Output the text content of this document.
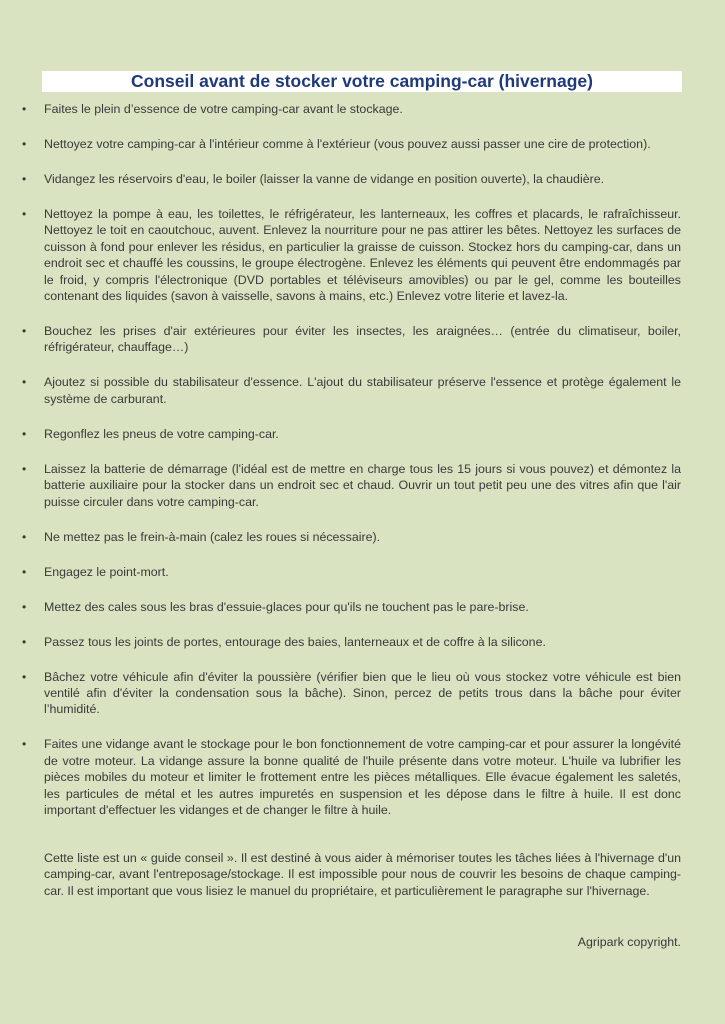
Conseil avant de stocker votre camping-car (hivernage)
• Faites le plein d’essence de votre camping-car avant le stockage.
• Nettoyez votre camping-car à l'intérieur comme à l'extérieur (vous pouvez aussi passer une cire de protection).
• Vidangez les réservoirs d'eau, le boiler (laisser la vanne de vidange en position ouverte), la chaudière.
• Nettoyez la pompe à eau, les toilettes, le réfrigérateur, les lanterneaux, les coffres et placards, le rafraîchisseur. Nettoyez le toit en caoutchouc, auvent. Enlevez la nourriture pour ne pas attirer les bêtes. Nettoyez les surfaces de cuisson à fond pour enlever les résidus, en particulier la graisse de cuisson. Stockez hors du camping-car, dans un endroit sec et chauffé les coussins, le groupe électrogène. Enlevez les éléments qui peuvent être endommagés par le froid, y compris l'électronique (DVD portables et téléviseurs amovibles) ou par le gel, comme les bouteilles contenant des liquides (savon à vaisselle, savons à mains, etc.) Enlevez votre literie et lavez-la.
• Bouchez les prises d'air extérieures pour éviter les insectes, les araignées… (entrée du climatiseur, boiler, réfrigérateur, chauffage…)
• Ajoutez si possible du stabilisateur d'essence. L'ajout du stabilisateur préserve l'essence et protège également le système de carburant.
• Regonflez les pneus de votre camping-car.
• Laissez la batterie de démarrage (l'idéal est de mettre en charge tous les 15 jours si vous pouvez) et démontez la batterie auxiliaire pour la stocker dans un endroit sec et chaud. Ouvrir un tout petit peu une des vitres afin que l'air puisse circuler dans votre camping-car.
• Ne mettez pas le frein-à-main (calez les roues si nécessaire).
• Engagez le point-mort.
• Mettez des cales sous les bras d'essuie-glaces pour qu'ils ne touchent pas le pare-brise.
• Passez tous les joints de portes, entourage des baies, lanterneaux et de coffre à la silicone.
• Bâchez votre véhicule afin d'éviter la poussière (vérifier bien que le lieu où vous stockez votre véhicule est bien ventilé afin d'éviter la condensation sous la bâche). Sinon, percez de petits trous dans la bâche pour éviter l’humidité.
• Faites une vidange avant le stockage pour le bon fonctionnement de votre camping-car et pour assurer la longévité de votre moteur. La vidange assure la bonne qualité de l'huile présente dans votre moteur. L'huile va lubrifier les pièces mobiles du moteur et limiter le frottement entre les pièces métalliques. Elle évacue également les saletés, les particules de métal et les autres impuretés en suspension et les dépose dans le filtre à huile. Il est donc important d'effectuer les vidanges et de changer le filtre à huile.

Cette liste est un « guide conseil ». Il est destiné à vous aider à mémoriser toutes les tâches liées à l'hivernage d'un camping-car, avant l'entreposage/stockage. Il est impossible pour nous de couvrir les besoins de chaque camping-car. Il est important que vous lisiez le manuel du propriétaire, et particulièrement le paragraphe sur l'hivernage.

Agripark copyright.
